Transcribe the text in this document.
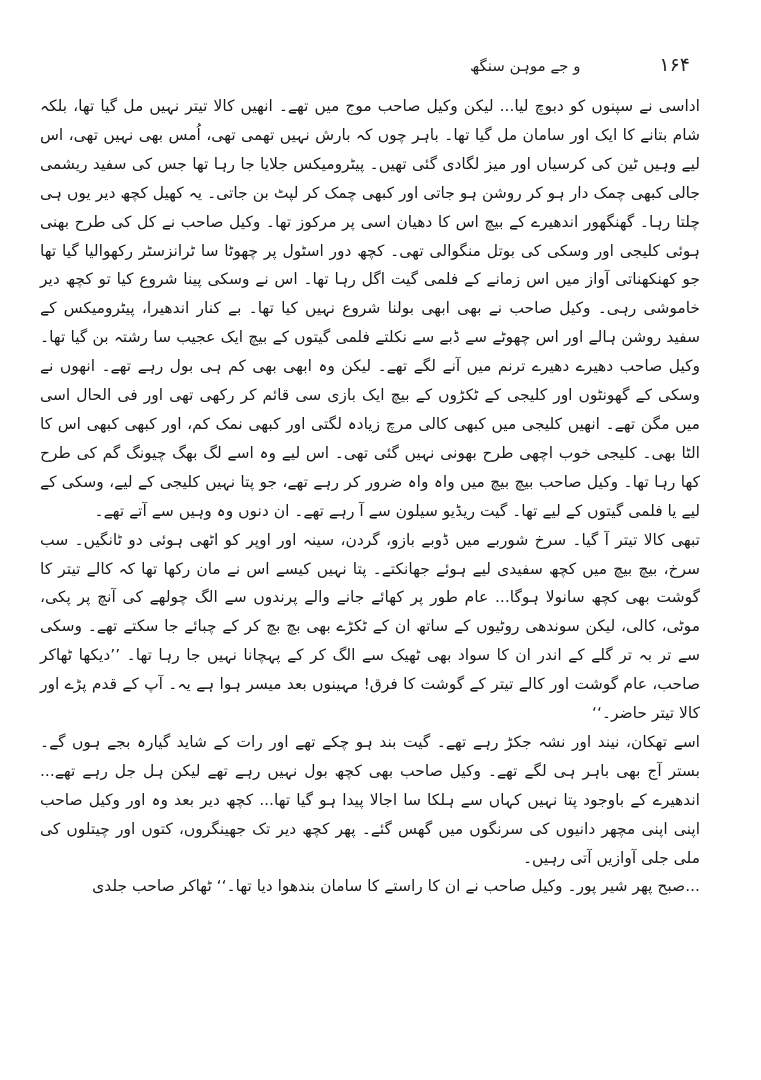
۱۶۴
و جے موہن سنگھ

اداسی نے سپنوں کو دبوچ لیا... لیکن وکیل صاحب موج میں تھے۔ انھیں کالا تیتر نہیں مل گیا تھا، بلکہ شام بتانے کا ایک اور سامان مل گیا تھا۔ باہر چوں کہ بارش نہیں تھمی تھی، اُمس بھی نہیں تھی، اس لیے وہیں ٹین کی کرسیاں اور میز لگادی گئی تھیں۔ پیٹرومیکس جلایا جا رہا تھا جس کی سفید ریشمی جالی کبھی چمک دار ہو کر روشن ہو جاتی اور کبھی چمک کر لپٹ بن جاتی۔ یہ کھیل کچھ دیر یوں ہی چلتا رہا۔ گھنگھور اندھیرے کے بیچ اس کا دھیان اسی پر مرکوز تھا۔ وکیل صاحب نے کل کی طرح بھنی ہوئی کلیجی اور وسکی کی بوتل منگوالی تھی۔ کچھ دور اسٹول پر چھوٹا سا ٹرانزسٹر رکھوالیا گیا تھا جو کھنکھناتی آواز میں اس زمانے کے فلمی گیت اگل رہا تھا۔ اس نے وسکی پینا شروع کیا تو کچھ دیر خاموشی رہی۔ وکیل صاحب نے بھی ابھی بولنا شروع نہیں کیا تھا۔ بے کنار اندھیرا، پیٹرومیکس کے سفید روشن ہالے اور اس چھوٹے سے ڈبے سے نکلتے فلمی گیتوں کے بیچ ایک عجیب سا رشتہ بن گیا تھا۔ وکیل صاحب دھیرے دھیرے ترنم میں آنے لگے تھے۔ لیکن وہ ابھی بھی کم ہی بول رہے تھے۔ انھوں نے وسکی کے گھونٹوں اور کلیجی کے ٹکڑوں کے بیچ ایک بازی سی قائم کر رکھی تھی اور فی الحال اسی میں مگن تھے۔ انھیں کلیجی میں کبھی کالی مرچ زیادہ لگتی اور کبھی نمک کم، اور کبھی کبھی اس کا الٹا بھی۔ کلیجی خوب اچھی طرح بھونی نہیں گئی تھی۔ اس لیے وہ اسے لگ بھگ چیونگ گم کی طرح کھا رہا تھا۔ وکیل صاحب بیچ بیچ میں واہ واہ ضرور کر رہے تھے، جو پتا نہیں کلیجی کے لیے، وسکی کے لیے یا فلمی گیتوں کے لیے تھا۔ گیت ریڈیو سیلون سے آ رہے تھے۔ ان دنوں وہ وہیں سے آتے تھے۔

تبھی کالا تیتر آ گیا۔ سرخ شوربے میں ڈوبے بازو، گردن، سینہ اور اوپر کو اٹھی ہوئی دو ٹانگیں۔ سب سرخ، بیچ بیچ میں کچھ سفیدی لیے ہوئے جھانکتے۔ پتا نہیں کیسے اس نے مان رکھا تھا کہ کالے تیتر کا گوشت بھی کچھ سانولا ہوگا... عام طور پر کھائے جانے والے پرندوں سے الگ چولھے کی آنچ پر پکی، موٹی، کالی، لیکن سوندھی روٹیوں کے ساتھ ان کے ٹکڑے بھی بچ بچ کر کے چبائے جا سکتے تھے۔ وسکی سے تر بہ تر گلے کے اندر ان کا سواد بھی ٹھیک سے الگ کر کے پہچانا نہیں جا رہا تھا۔ ’’دیکھا ٹھاکر صاحب، عام گوشت اور کالے تیتر کے گوشت کا فرق! مہینوں بعد میسر ہوا ہے یہ۔ آپ کے قدم پڑے اور کالا تیتر حاضر۔‘‘

اسے تھکان، نیند اور نشہ جکڑ رہے تھے۔ گیت بند ہو چکے تھے اور رات کے شاید گیارہ بجے ہوں گے۔ بستر آج بھی باہر ہی لگے تھے۔ وکیل صاحب بھی کچھ بول نہیں رہے تھے لیکن ہل جل رہے تھے... اندھیرے کے باوجود پتا نہیں کہاں سے ہلکا سا اجالا پیدا ہو گیا تھا... کچھ دیر بعد وہ اور وکیل صاحب اپنی اپنی مچھر دانیوں کی سرنگوں میں گھس گئے۔ پھر کچھ دیر تک جھینگروں، کتوں اور چیتلوں کی ملی جلی آوازیں آتی رہیں۔

...صبح پھر شیر پور۔ وکیل صاحب نے ان کا راستے کا سامان بندھوا دیا تھا۔‘‘ ٹھاکر صاحب جلدی
